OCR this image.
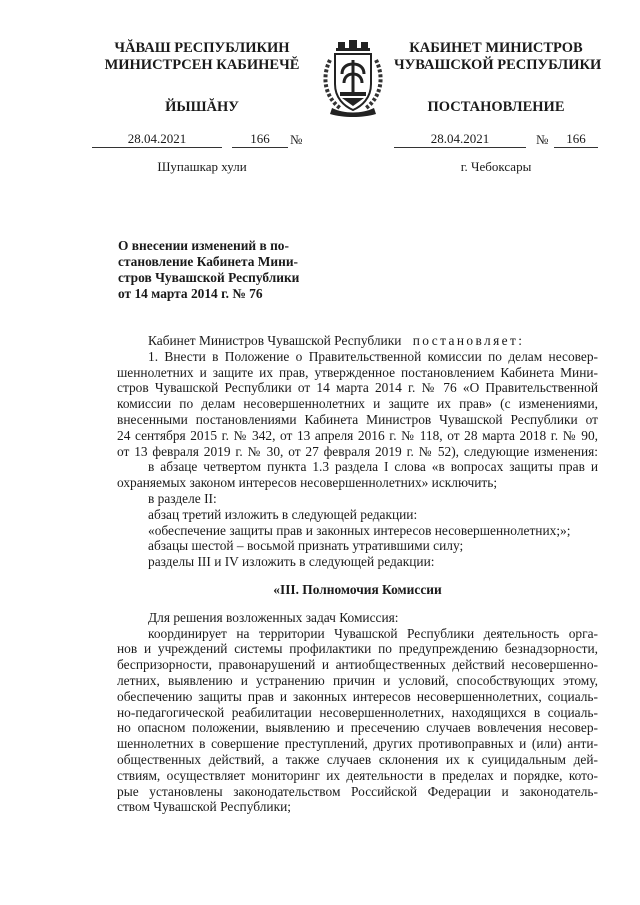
ЧĂВАШ РЕСПУБЛИКИН
МИНИСТРСЕН КАБИНЕЧĔ
ЙЫШĂНУ
КАБИНЕТ МИНИСТРОВ
ЧУВАШСКОЙ РЕСПУБЛИКИ
ПОСТАНОВЛЕНИЕ
28.04.2021	166	№	28.04.2021	№	166
Шупашкар хули	г. Чебоксары
О внесении изменений в по-
становление Кабинета Мини-
стров Чувашской Республики
от 14 марта 2014 г. № 76
Кабинет Министров Чувашской Республики постановляет:
1. Внести в Положение о Правительственной комиссии по делам несовер-
шеннолетних и защите их прав, утвержденное постановлением Кабинета Мини-
стров Чувашской Республики от 14 марта 2014 г. № 76 «О Правительственной
комиссии по делам несовершеннолетних и защите их прав» (с изменениями,
внесенными постановлениями Кабинета Министров Чувашской Республики от
24 сентября 2015 г. № 342, от 13 апреля 2016 г. № 118, от 28 марта 2018 г. № 90,
от 13 февраля 2019 г. № 30, от 27 февраля 2019 г. № 52), следующие изменения:
в абзаце четвертом пункта 1.3 раздела I слова «в вопросах защиты прав и
охраняемых законом интересов несовершеннолетних» исключить;
в разделе II:
абзац третий изложить в следующей редакции:
«обеспечение защиты прав и законных интересов несовершеннолетних;»;
абзацы шестой – восьмой признать утратившими силу;
разделы III и IV изложить в следующей редакции:
«III. Полномочия Комиссии
Для решения возложенных задач Комиссия:
координирует на территории Чувашской Республики деятельность орга-
нов и учреждений системы профилактики по предупреждению безнадзорности,
беспризорности, правонарушений и антиобщественных действий несовершенно-
летних, выявлению и устранению причин и условий, способствующих этому,
обеспечению защиты прав и законных интересов несовершеннолетних, социаль-
но-педагогической реабилитации несовершеннолетних, находящихся в социаль-
но опасном положении, выявлению и пресечению случаев вовлечения несовер-
шеннолетних в совершение преступлений, других противоправных и (или) анти-
общественных действий, а также случаев склонения их к суицидальным дей-
ствиям, осуществляет мониторинг их деятельности в пределах и порядке, кото-
рые установлены законодательством Российской Федерации и законодатель-
ством Чувашской Республики;
